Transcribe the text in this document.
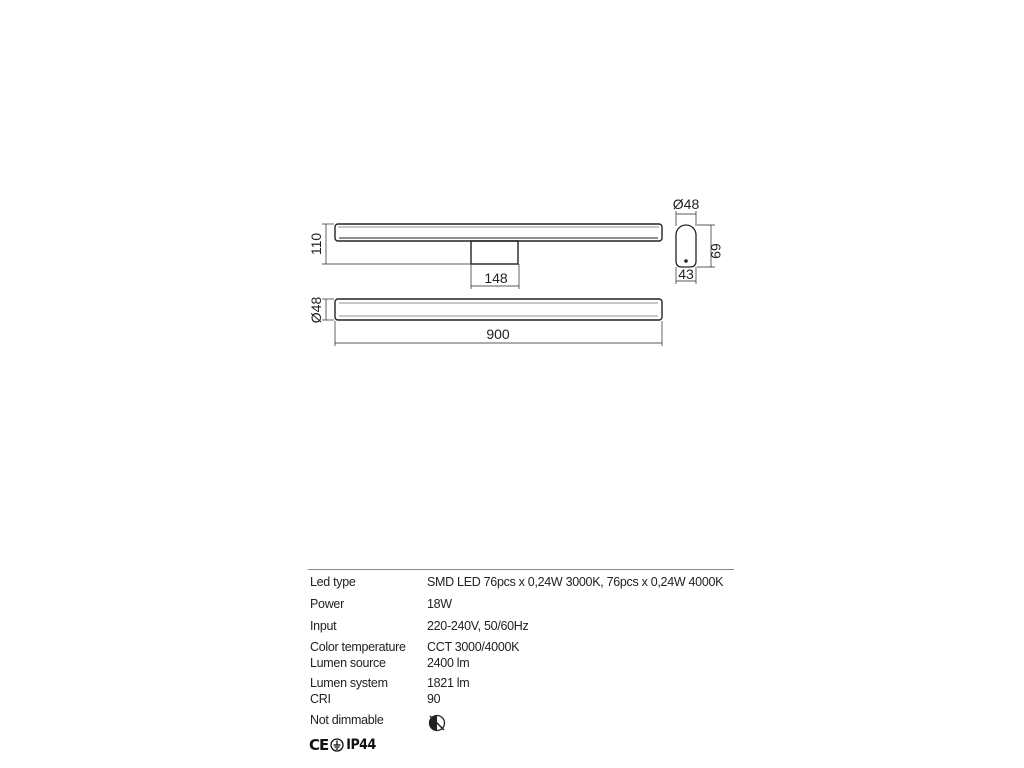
110
148
Ø48
69
43
Ø48
900
Led type	SMD LED 76pcs x 0,24W 3000K, 76pcs x 0,24W 4000K
Power	18W
Input	220-240V, 50/60Hz
Color temperature	CCT 3000/4000K
Lumen source	2400 lm
Lumen system	1821 lm
CRI	90
Not dimmable	
CE IP44
